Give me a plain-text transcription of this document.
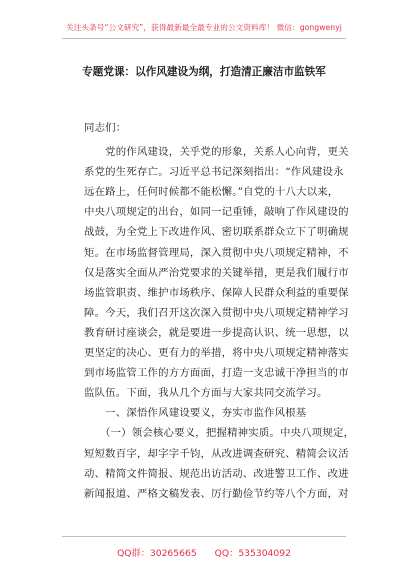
关注头条号“公文研究”，获得最新最全最专业的公文资料库！ 微信：gongwenyj
专题党课：以作风建设为纲，打造清正廉洁市监铁军
同志们：
　　党的作风建设，关乎党的形象，关系人心向背，更关
系党的生死存亡。习近平总书记深刻指出：“作风建设永
远在路上，任何时候都不能松懈。”自党的十八大以来，
中央八项规定的出台，如同一记重锤，敲响了作风建设的
战鼓，为全党上下改进作风、密切联系群众立下了明确规
矩。在市场监督管理局，深入贯彻中央八项规定精神，不
仅是落实全面从严治党要求的关键举措，更是我们履行市
场监管职责、维护市场秩序、保障人民群众利益的重要保
障。今天，我们召开这次深入贯彻中央八项规定精神学习
教育研讨座谈会，就是要进一步提高认识、统一思想，以
更坚定的决心、更有力的举措，将中央八项规定精神落实
到市场监管工作的方方面面，打造一支忠诚干净担当的市
监队伍。下面，我从几个方面与大家共同交流学习。
　　一、深悟作风建设要义，夯实市监作风根基
　　（一）领会核心要义，把握精神实质。中央八项规定，
短短数百字，却字字千钧，从改进调查研究、精简会议活
动、精简文件简报、规范出访活动、改进警卫工作、改进
新闻报道、严格文稿发表、厉行勤俭节约等八个方面，对
QQ群：30265665 QQ：535304092
